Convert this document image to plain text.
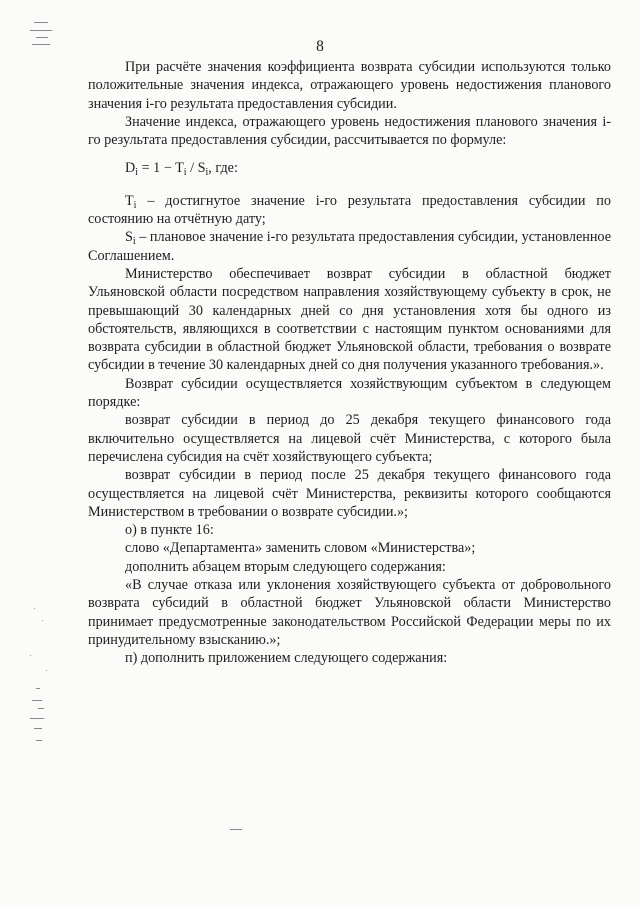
8

При расчёте значения коэффициента возврата субсидии используются только положительные значения индекса, отражающего уровень недостижения планового значения i-го результата предоставления субсидии.

Значение индекса, отражающего уровень недостижения планового значения i-го результата предоставления субсидии, рассчитывается по формуле:

$D_i = 1 - T_i / S_i$, где:

$T_i$ – достигнутое значение i-го результата предоставления субсидии по состоянию на отчётную дату;

$S_i$ – плановое значение i-го результата предоставления субсидии, установленное Соглашением.

Министерство обеспечивает возврат субсидии в областной бюджет Ульяновской области посредством направления хозяйствующему субъекту в срок, не превышающий 30 календарных дней со дня установления хотя бы одного из обстоятельств, являющихся в соответствии с настоящим пунктом основаниями для возврата субсидии в областной бюджет Ульяновской области, требования о возврате субсидии в течение 30 календарных дней со дня получения указанного требования.».

Возврат субсидии осуществляется хозяйствующим субъектом в следующем порядке:

возврат субсидии в период до 25 декабря текущего финансового года включительно осуществляется на лицевой счёт Министерства, с которого была перечислена субсидия на счёт хозяйствующего субъекта;

возврат субсидии в период после 25 декабря текущего финансового года осуществляется на лицевой счёт Министерства, реквизиты которого сообщаются Министерством в требовании о возврате субсидии.»;

о) в пункте 16:

слово «Департамента» заменить словом «Министерства»;

дополнить абзацем вторым следующего содержания:

«В случае отказа или уклонения хозяйствующего субъекта от добровольного возврата субсидий в областной бюджет Ульяновской области Министерство принимает предусмотренные законодательством Российской Федерации меры по их принудительному взысканию.»;

п) дополнить приложением следующего содержания:
